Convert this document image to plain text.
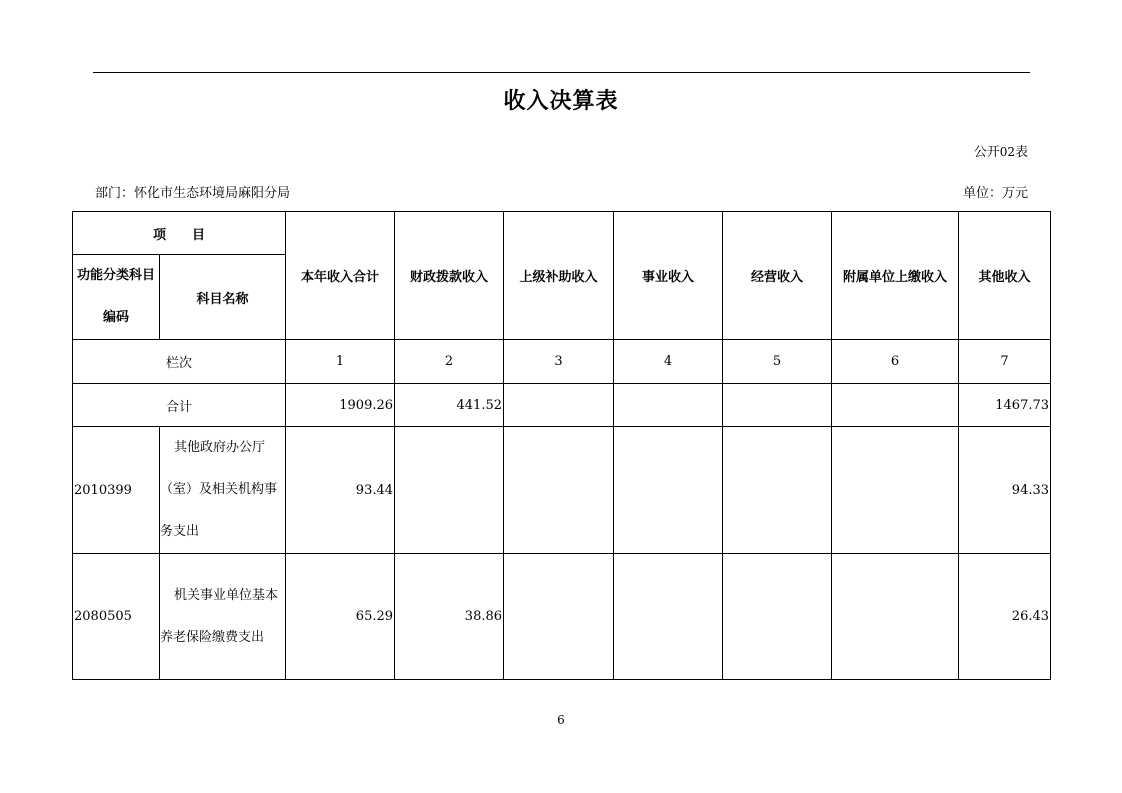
收入决算表
公开02表
部门：怀化市生态环境局麻阳分局	单位：万元
项　　目		本年收入合计	财政拨款收入	上级补助收入	事业收入	经营收入	附属单位上缴收入	其他收入
功能分类科目编码	科目名称							
栏次		1	2	3	4	5	6	7
合计		1909.26	441.52					1467.73
2010399	其他政府办公厅（室）及相关机构事务支出	93.44						94.33
2080505	机关事业单位基本养老保险缴费支出	65.29	38.86					26.43
6
